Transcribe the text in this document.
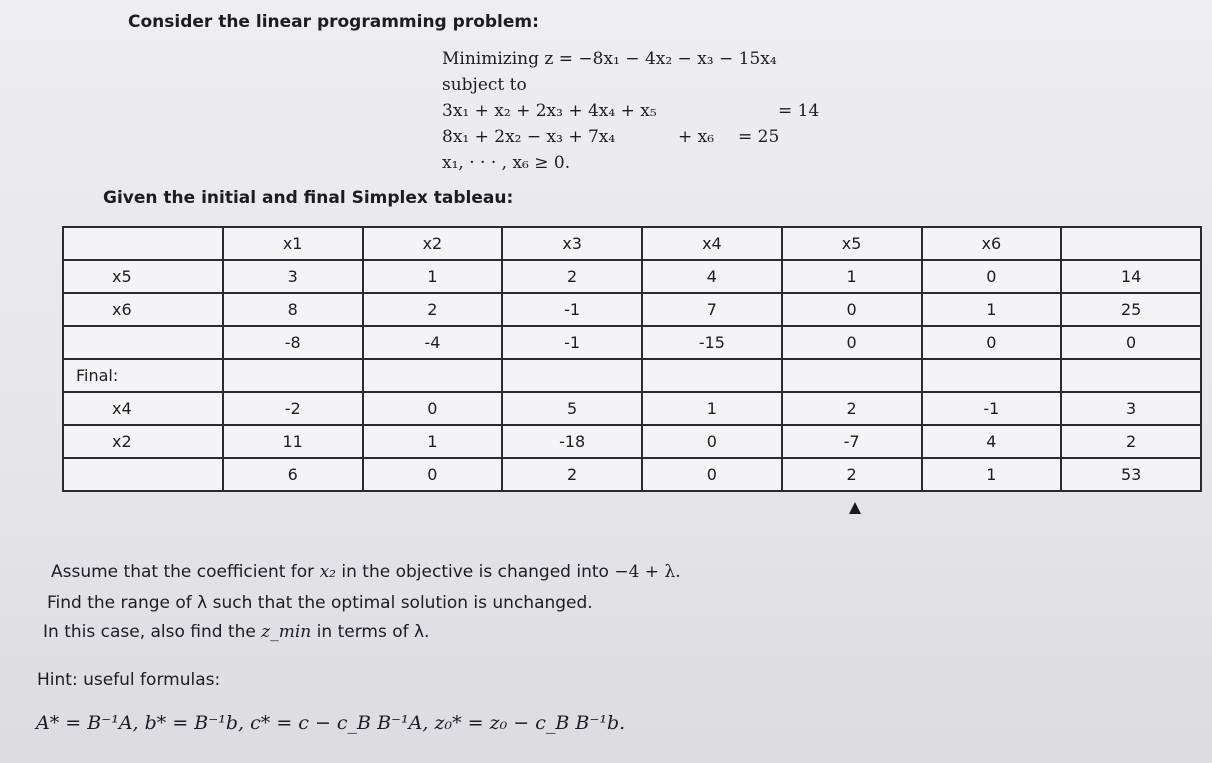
Consider the linear programming problem:
Minimizing z = −8x₁ − 4x₂ − x₃ − 15x₄
subject to
3x₁ + x₂ + 2x₃ + 4x₄ + x₅	= 14
8x₁ + 2x₂ − x₃ + 7x₄	+ x₆ = 25
x₁, · · · , x₆ ≥ 0.
Given the initial and final Simplex tableau:
	x1	x2	x3	x4	x5	x6	
x5	3	1	2	4	1	0	14
x6	8	2	-1	7	0	1	25
	-8	-4	-1	-15	0	0	0
Final:							
x4	-2	0	5	1	2	-1	3
x2	11	1	-18	0	-7	4	2
	6	0	2	0	2	1	53
Assume that the coefficient for x₂ in the objective is changed into −4 + λ.
Find the range of λ such that the optimal solution is unchanged.
In this case, also find the z_min in terms of λ.
Hint: useful formulas:
A* = B⁻¹A, b* = B⁻¹b, c* = c − c_B B⁻¹A, z₀* = z₀ − c_B B⁻¹b.
